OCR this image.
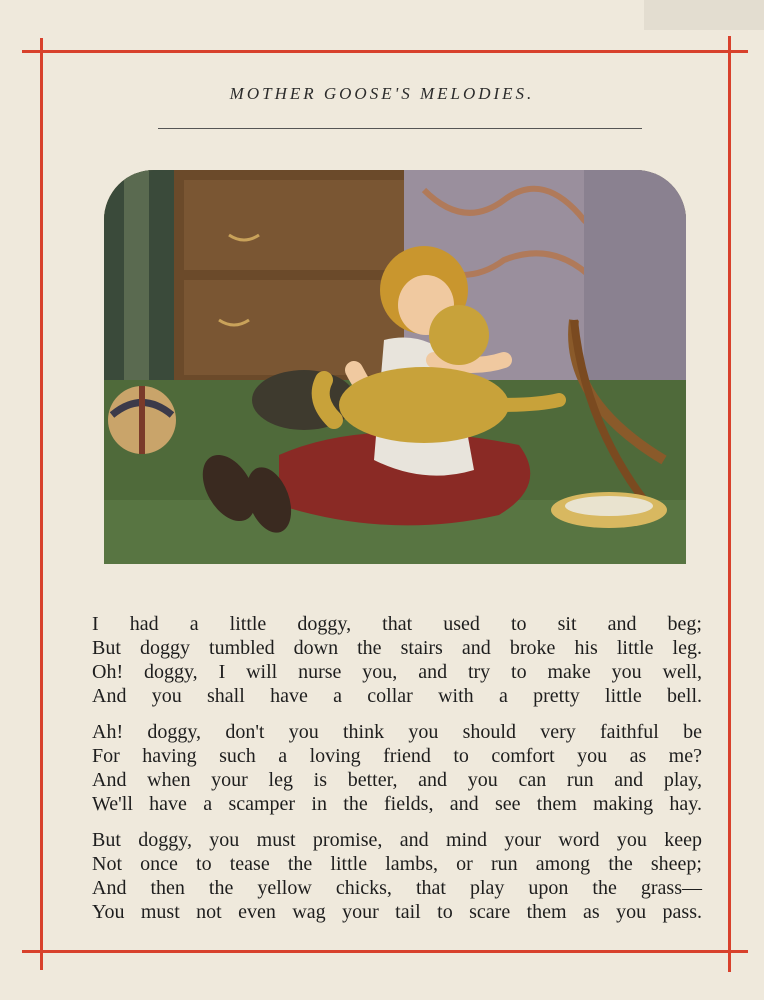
MOTHER GOOSE'S MELODIES.
I had a little doggy, that used to sit and beg;
But doggy tumbled down the stairs and broke his little leg.
Oh! doggy, I will nurse you, and try to make you well,
And you shall have a collar with a pretty little bell.
Ah! doggy, don't you think you should very faithful be
For having such a loving friend to comfort you as me?
And when your leg is better, and you can run and play,
We'll have a scamper in the fields, and see them making hay.
But doggy, you must promise, and mind your word you keep
Not once to tease the little lambs, or run among the sheep;
And then the yellow chicks, that play upon the grass—
You must not even wag your tail to scare them as you pass.
